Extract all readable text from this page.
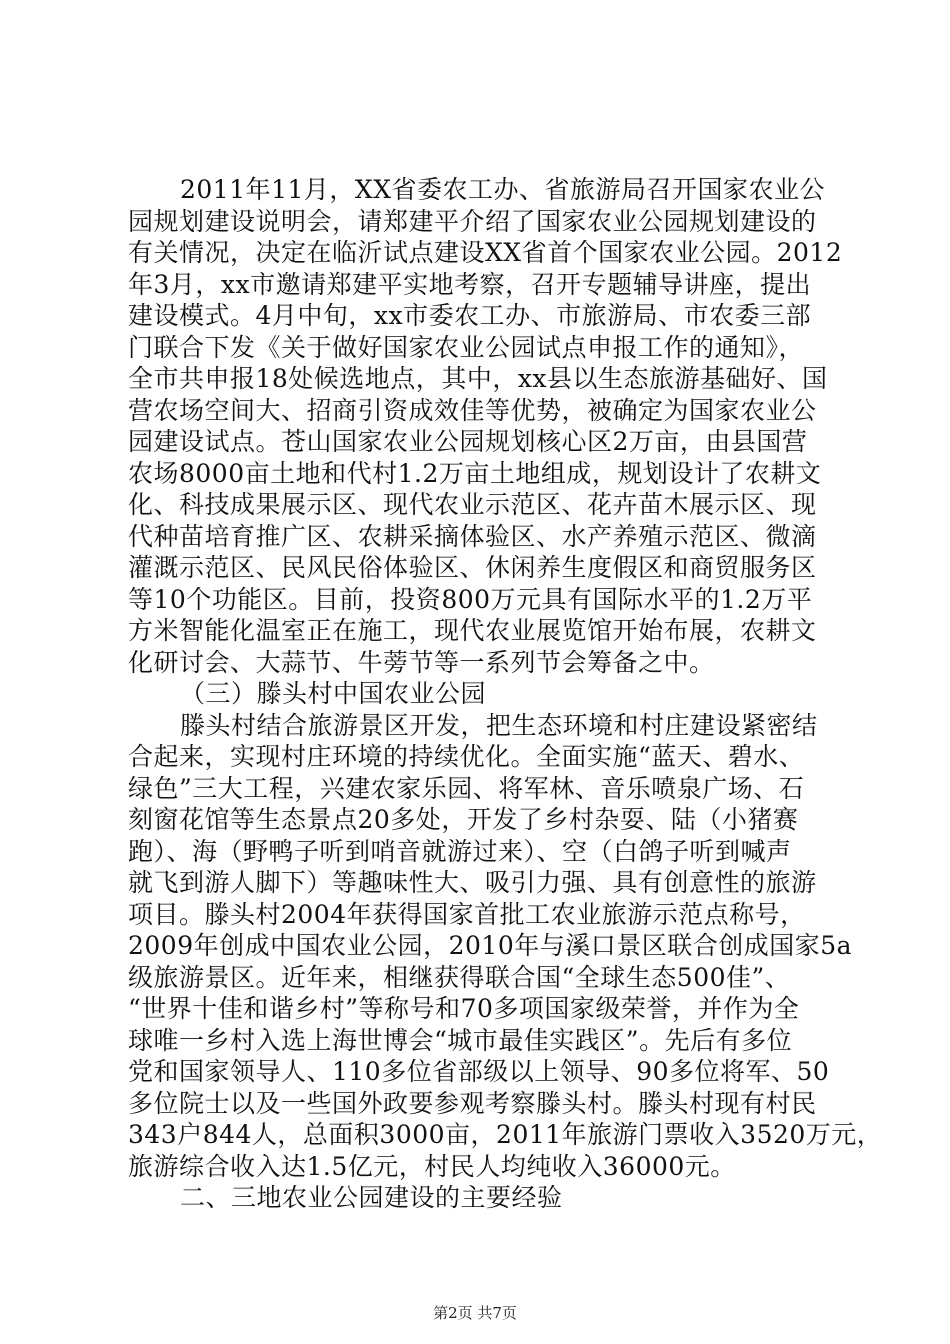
2011年11月，XX省委农工办、省旅游局召开国家农业公
园规划建设说明会，请郑建平介绍了国家农业公园规划建设的
有关情况，决定在临沂试点建设XX省首个国家农业公园。2012
年3月，xx市邀请郑建平实地考察，召开专题辅导讲座，提出
建设模式。4月中旬，xx市委农工办、市旅游局、市农委三部
门联合下发《关于做好国家农业公园试点申报工作的通知》，
全市共申报18处候选地点，其中，xx县以生态旅游基础好、国
营农场空间大、招商引资成效佳等优势，被确定为国家农业公
园建设试点。苍山国家农业公园规划核心区2万亩，由县国营
农场8000亩土地和代村1.2万亩土地组成，规划设计了农耕文
化、科技成果展示区、现代农业示范区、花卉苗木展示区、现
代种苗培育推广区、农耕采摘体验区、水产养殖示范区、微滴
灌溉示范区、民风民俗体验区、休闲养生度假区和商贸服务区
等10个功能区。目前，投资800万元具有国际水平的1.2万平
方米智能化温室正在施工，现代农业展览馆开始布展，农耕文
化研讨会、大蒜节、牛蒡节等一系列节会筹备之中。
（三）滕头村中国农业公园
滕头村结合旅游景区开发，把生态环境和村庄建设紧密结
合起来，实现村庄环境的持续优化。全面实施“蓝天、碧水、
绿色”三大工程，兴建农家乐园、将军林、音乐喷泉广场、石
刻窗花馆等生态景点20多处，开发了乡村杂耍、陆（小猪赛
跑）、海（野鸭子听到哨音就游过来）、空（白鸽子听到喊声
就飞到游人脚下）等趣味性大、吸引力强、具有创意性的旅游
项目。滕头村2004年获得国家首批工农业旅游示范点称号，
2009年创成中国农业公园，2010年与溪口景区联合创成国家5a
级旅游景区。近年来，相继获得联合国“全球生态500佳”、
“世界十佳和谐乡村”等称号和70多项国家级荣誉，并作为全
球唯一乡村入选上海世博会“城市最佳实践区”。先后有多位
党和国家领导人、110多位省部级以上领导、90多位将军、50
多位院士以及一些国外政要参观考察滕头村。滕头村现有村民
343户844人，总面积3000亩，2011年旅游门票收入3520万元，
旅游综合收入达1.5亿元，村民人均纯收入36000元。
二、三地农业公园建设的主要经验
第2页 共7页
